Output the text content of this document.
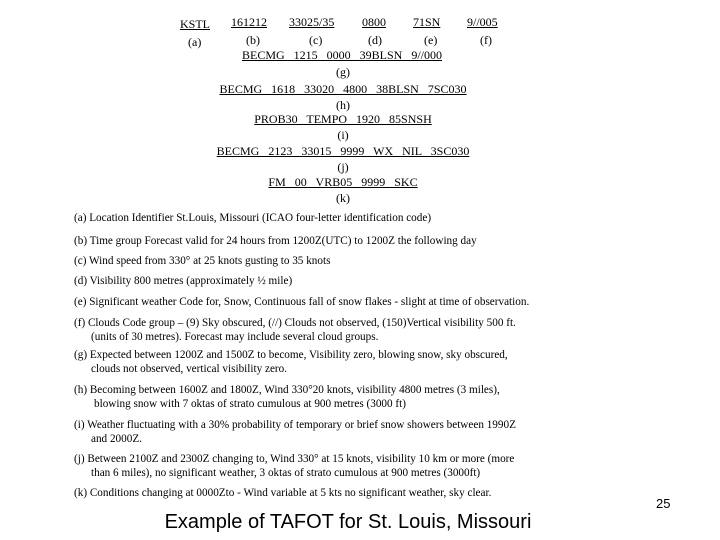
KSTL 161212 33025/35 0800 71SN 9//005
(a)	(b)	(c)	(d)	(e)	(f)
BECMG   1215   0000   39BLSN   9//000
(g)
BECMG   1618   33020   4800   38BLSN   7SC030
(h)
PROB30   TEMPO   1920   85SNSH
(i)
BECMG   2123   33015   9999   WX   NIL   3SC030
(j)
FM   00   VRB05   9999   SKC
(k)
(a) Location Identifier St.Louis, Missouri (ICAO four-letter identification code)
(b) Time group Forecast valid for 24 hours from 1200Z(UTC) to 1200Z the following day
(c) Wind speed from 330° at 25 knots gusting to 35 knots
(d) Visibility 800 metres (approximately ½ mile)
(e) Significant weather Code for, Snow, Continuous fall of snow flakes - slight at time of observation.
(f) Clouds Code group – (9) Sky obscured, (//) Clouds not observed, (150)Vertical visibility 500 ft.
(units of 30 metres). Forecast may include several cloud groups.
(g) Expected between 1200Z and 1500Z to become, Visibility zero, blowing snow, sky obscured,
clouds not observed, vertical visibility zero.
(h) Becoming between 1600Z and 1800Z, Wind 330°20 knots, visibility 4800 metres (3 miles),
blowing snow with 7 oktas of strato cumulous at 900 metres (3000 ft)
(i) Weather fluctuating with a 30% probability of temporary or brief snow showers between 1990Z
and 2000Z.
(j) Between 2100Z and 2300Z changing to, Wind 330° at 15 knots, visibility 10 km or more (more
than 6 miles), no significant weather, 3 oktas of strato cumulous at 900 metres (3000ft)
(k) Conditions changing at 0000Zto - Wind variable at 5 kts no significant weather, sky clear.
Example of TAFOT for St. Louis, Missouri
25
